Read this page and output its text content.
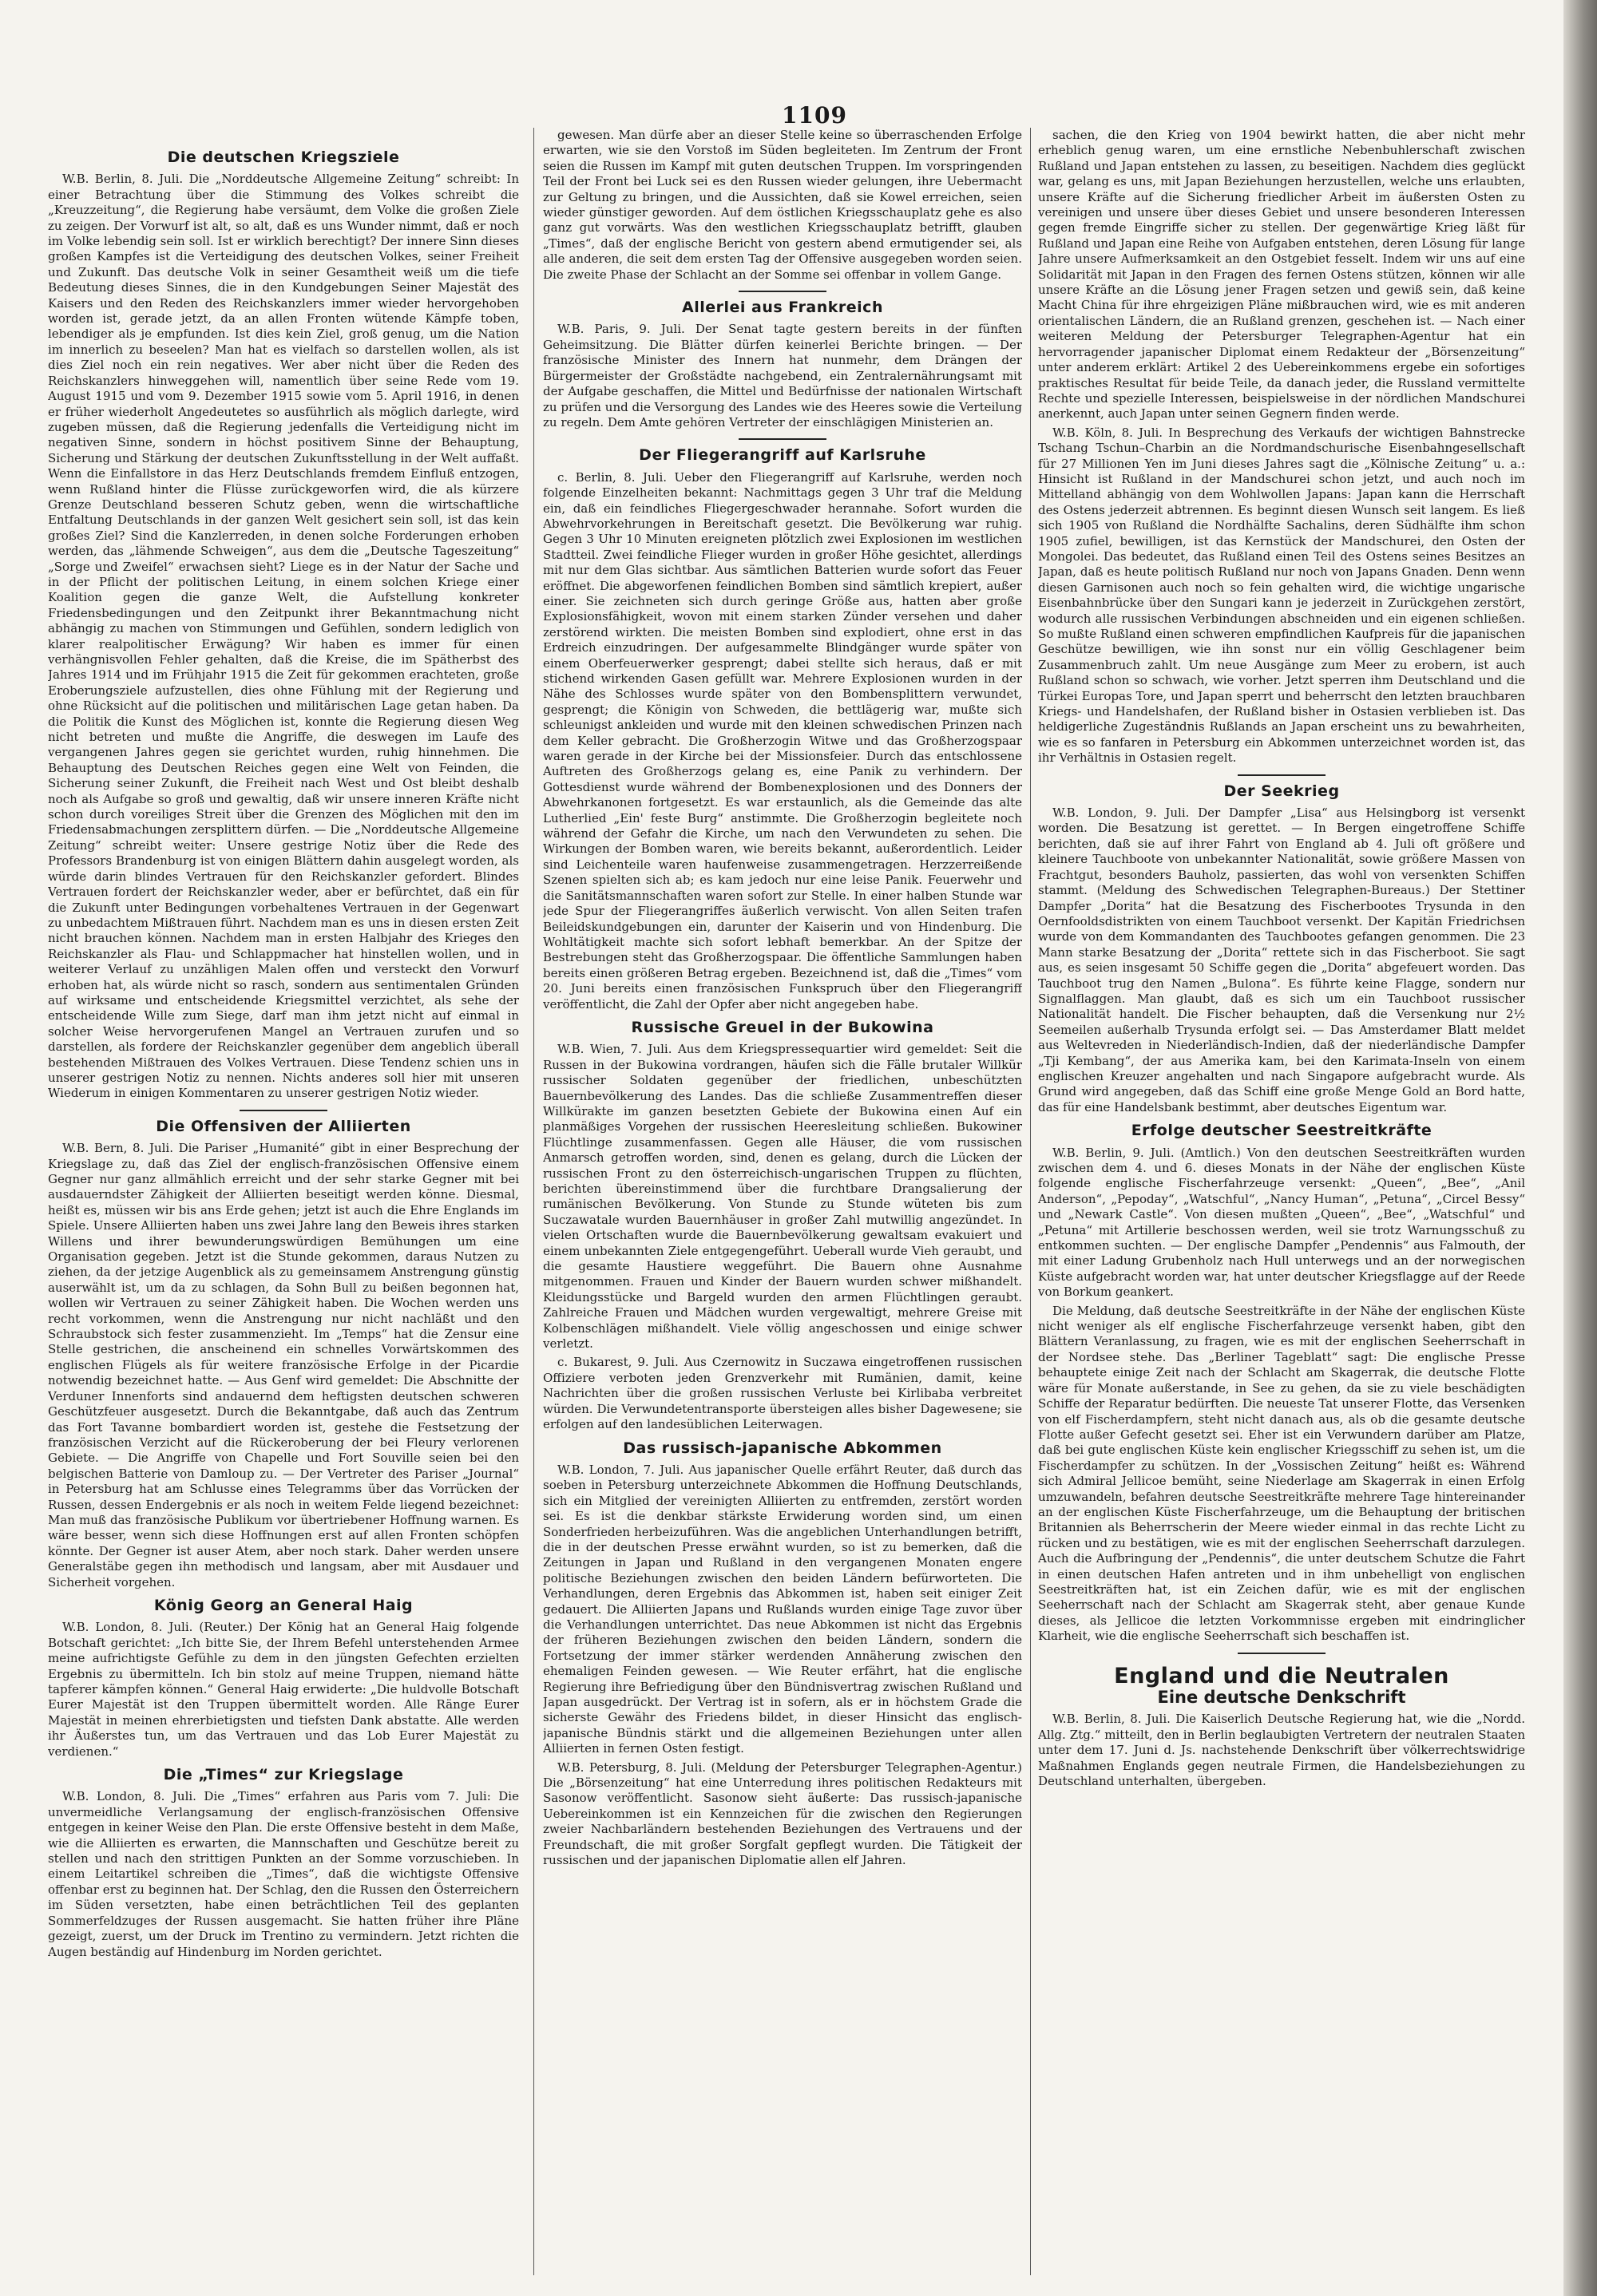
1109
Die deutschen Kriegsziele

W.B. Berlin, 8. Juli. Die „Norddeutsche Allgemeine Zeitung“ schreibt: In einer Betrachtung über die Stimmung des Volkes schreibt die „Kreuzzeitung“, die Regierung habe versäumt, dem Volke die großen Ziele zu zeigen. Der Vorwurf ist alt, so alt, daß es uns Wunder nimmt, daß er noch im Volke lebendig sein soll. Ist er wirklich berechtigt? Der innere Sinn dieses großen Kampfes ist die Verteidigung des deutschen Volkes, seiner Freiheit und Zukunft. Das deutsche Volk in seiner Gesamtheit weiß um die tiefe Bedeutung dieses Sinnes, die in den Kundgebungen Seiner Majestät des Kaisers und den Reden des Reichskanzlers immer wieder hervorgehoben worden ist, gerade jetzt, da an allen Fronten wütende Kämpfe toben, lebendiger als je empfunden. Ist dies kein Ziel, groß genug, um die Nation im innerlich zu beseelen? Man hat es vielfach so darstellen wollen, als ist dies Ziel noch ein rein negatives. Wer aber nicht über die Reden des Reichskanzlers hinweggehen will, namentlich über seine Rede vom 19. August 1915 und vom 9. Dezember 1915 sowie vom 5. April 1916, in denen er früher wiederholt Angedeutetes so ausführlich als möglich darlegte, wird zugeben müssen, daß die Regierung jedenfalls die Verteidigung nicht im negativen Sinne, sondern in höchst positivem Sinne der Behauptung, Sicherung und Stärkung der deutschen Zukunftsstellung in der Welt auffaßt. Wenn die Einfallstore in das Herz Deutschlands fremdem Einfluß entzogen, wenn Rußland hinter die Flüsse zurückgeworfen wird, die als kürzere Grenze Deutschland besseren Schutz geben, wenn die wirtschaftliche Entfaltung Deutschlands in der ganzen Welt gesichert sein soll, ist das kein großes Ziel? Sind die Kanzlerreden, in denen solche Forderungen erhoben werden, das „lähmende Schweigen“, aus dem die „Deutsche Tageszeitung“ „Sorge und Zweifel“ erwachsen sieht? Liege es in der Natur der Sache und in der Pflicht der politischen Leitung, in einem solchen Kriege einer Koalition gegen die ganze Welt, die Aufstellung konkreter Friedensbedingungen und den Zeitpunkt ihrer Bekanntmachung nicht abhängig zu machen von Stimmungen und Gefühlen, sondern lediglich von klarer realpolitischer Erwägung? Wir haben es immer für einen verhängnisvollen Fehler gehalten, daß die Kreise, die im Spätherbst des Jahres 1914 und im Frühjahr 1915 die Zeit für gekommen erachteten, große Eroberungsziele aufzustellen, dies ohne Fühlung mit der Regierung und ohne Rücksicht auf die politischen und militärischen Lage getan haben. Da die Politik die Kunst des Möglichen ist, konnte die Regierung diesen Weg nicht betreten und mußte die Angriffe, die deswegen im Laufe des vergangenen Jahres gegen sie gerichtet wurden, ruhig hinnehmen. Die Behauptung des Deutschen Reiches gegen eine Welt von Feinden, die Sicherung seiner Zukunft, die Freiheit nach West und Ost bleibt deshalb noch als Aufgabe so groß und gewaltig, daß wir unsere inneren Kräfte nicht schon durch voreiliges Streit über die Grenzen des Möglichen mit den im Friedensabmachungen zersplittern dürfen. — Die „Norddeutsche Allgemeine Zeitung“ schreibt weiter: Unsere gestrige Notiz über die Rede des Professors Brandenburg ist von einigen Blättern dahin ausgelegt worden, als würde darin blindes Vertrauen für den Reichskanzler gefordert. Blindes Vertrauen fordert der Reichskanzler weder, aber er befürchtet, daß ein für die Zukunft unter Bedingungen vorbehaltenes Vertrauen in der Gegenwart zu unbedachtem Mißtrauen führt. Nachdem man es uns in diesen ersten Zeit nicht brauchen können. Nachdem man in ersten Halbjahr des Krieges den Reichskanzler als Flau- und Schlappmacher hat hinstellen wollen, und in weiterer Verlauf zu unzähligen Malen offen und versteckt den Vorwurf erhoben hat, als würde nicht so rasch, sondern aus sentimentalen Gründen auf wirksame und entscheidende Kriegsmittel verzichtet, als sehe der entscheidende Wille zum Siege, darf man ihm jetzt nicht auf einmal in solcher Weise hervorgerufenen Mangel an Vertrauen zurufen und so darstellen, als fordere der Reichskanzler gegenüber dem angeblich überall bestehenden Mißtrauen des Volkes Vertrauen. Diese Tendenz schien uns in unserer gestrigen Notiz zu nennen. Nichts anderes soll hier mit unseren Wiederum in einigen Kommentaren zu unserer gestrigen Notiz wieder.

Die Offensiven der Alliierten

W.B. Bern, 8. Juli. Die Pariser „Humanité“ gibt in einer Besprechung der Kriegslage zu, daß das Ziel der englisch-französischen Offensive einem Gegner nur ganz allmählich erreicht und der sehr starke Gegner mit bei ausdauerndster Zähigkeit der Alliierten beseitigt werden könne. Diesmal, heißt es, müssen wir bis ans Erde gehen; jetzt ist auch die Ehre Englands im Spiele. Unsere Alliierten haben uns zwei Jahre lang den Beweis ihres starken Willens und ihrer bewunderungswürdigen Bemühungen um eine Organisation gegeben. Jetzt ist die Stunde gekommen, daraus Nutzen zu ziehen, da der jetzige Augenblick als zu gemeinsamem Anstrengung günstig auserwählt ist, um da zu schlagen, da Sohn Bull zu beißen begonnen hat, wollen wir Vertrauen zu seiner Zähigkeit haben. Die Wochen werden uns recht vorkommen, wenn die Anstrengung nur nicht nachläßt und den Schraubstock sich fester zusammenzieht. Im „Temps“ hat die Zensur eine Stelle gestrichen, die anscheinend ein schnelles Vorwärtskommen des englischen Flügels als für weitere französische Erfolge in der Picardie notwendig bezeichnet hatte. — Aus Genf wird gemeldet: Die Abschnitte der Verduner Innenforts sind andauernd dem heftigsten deutschen schweren Geschützfeuer ausgesetzt. Durch die Bekanntgabe, daß auch das Zentrum das Fort Tavanne bombardiert worden ist, gestehe die Festsetzung der französischen Verzicht auf die Rückeroberung der bei Fleury verlorenen Gebiete. — Die Angriffe von Chapelle und Fort Souville seien bei den belgischen Batterie von Damloup zu. — Der Vertreter des Pariser „Journal“ in Petersburg hat am Schlusse eines Telegramms über das Vorrücken der Russen, dessen Endergebnis er als noch in weitem Felde liegend bezeichnet: Man muß das französische Publikum vor übertriebener Hoffnung warnen. Es wäre besser, wenn sich diese Hoffnungen erst auf allen Fronten schöpfen könnte. Der Gegner ist auser Atem, aber noch stark. Daher werden unsere Generalstäbe gegen ihn methodisch und langsam, aber mit Ausdauer und Sicherheit vorgehen.

König Georg an General Haig

W.B. London, 8. Juli. (Reuter.) Der König hat an General Haig folgende Botschaft gerichtet: „Ich bitte Sie, der Ihrem Befehl unterstehenden Armee meine aufrichtigste Gefühle zu dem in den jüngsten Gefechten erzielten Ergebnis zu übermitteln. Ich bin stolz auf meine Truppen, niemand hätte tapferer kämpfen können.“ General Haig erwiderte: „Die huldvolle Botschaft Eurer Majestät ist den Truppen übermittelt worden. Alle Ränge Eurer Majestät in meinen ehrerbietigsten und tiefsten Dank abstatte. Alle werden ihr Äußerstes tun, um das Vertrauen und das Lob Eurer Majestät zu verdienen.“

Die „Times“ zur Kriegslage

W.B. London, 8. Juli. Die „Times“ erfahren aus Paris vom 7. Juli: Die unvermeidliche Verlangsamung der englisch-französischen Offensive entgegen in keiner Weise den Plan. Die erste Offensive besteht in dem Maße, wie die Alliierten es erwarten, die Mannschaften und Geschütze bereit zu stellen und nach den strittigen Punkten an der Somme vorzuschieben. In einem Leitartikel schreiben die „Times“, daß die wichtigste Offensive offenbar erst zu beginnen hat. Der Schlag, den die Russen den Österreichern im Süden versetzten, habe einen beträchtlichen Teil des geplanten Sommerfeldzuges der Russen ausgemacht. Sie hatten früher ihre Pläne gezeigt, zuerst, um der Druck im Trentino zu vermindern. Jetzt richten die Augen beständig auf Hindenburg im Norden gerichtet.

gewesen. Man dürfe aber an dieser Stelle keine so überraschenden Erfolge erwarten, wie sie den Vorstoß im Süden begleiteten. Im Zentrum der Front seien die Russen im Kampf mit guten deutschen Truppen. Im vorspringenden Teil der Front bei Luck sei es den Russen wieder gelungen, ihre Uebermacht zur Geltung zu bringen, und die Aussichten, daß sie Kowel erreichen, seien wieder günstiger geworden. Auf dem östlichen Kriegsschauplatz gehe es also ganz gut vorwärts. Was den westlichen Kriegsschauplatz betrifft, glauben „Times“, daß der englische Bericht von gestern abend ermutigender sei, als alle anderen, die seit dem ersten Tag der Offensive ausgegeben worden seien. Die zweite Phase der Schlacht an der Somme sei offenbar in vollem Gange.

Allerlei aus Frankreich

W.B. Paris, 9. Juli. Der Senat tagte gestern bereits in der fünften Geheimsitzung. Die Blätter dürfen keinerlei Berichte bringen. — Der französische Minister des Innern hat nunmehr, dem Drängen der Bürgermeister der Großstädte nachgebend, ein Zentralernährungsamt mit der Aufgabe geschaffen, die Mittel und Bedürfnisse der nationalen Wirtschaft zu prüfen und die Versorgung des Landes wie des Heeres sowie die Verteilung zu regeln. Dem Amte gehören Vertreter der einschlägigen Ministerien an.

Der Fliegerangriff auf Karlsruhe

c. Berlin, 8. Juli. Ueber den Fliegerangriff auf Karlsruhe, werden noch folgende Einzelheiten bekannt: Nachmittags gegen 3 Uhr traf die Meldung ein, daß ein feindliches Fliegergeschwader herannahe. Sofort wurden die Abwehrvorkehrungen in Bereitschaft gesetzt. Die Bevölkerung war ruhig. Gegen 3 Uhr 10 Minuten ereigneten plötzlich zwei Explosionen im westlichen Stadtteil. Zwei feindliche Flieger wurden in großer Höhe gesichtet, allerdings mit nur dem Glas sichtbar. Aus sämtlichen Batterien wurde sofort das Feuer eröffnet. Die abgeworfenen feindlichen Bomben sind sämtlich krepiert, außer einer. Sie zeichneten sich durch geringe Größe aus, hatten aber große Explosionsfähigkeit, wovon mit einem starken Zünder versehen und daher zerstörend wirkten. Die meisten Bomben sind explodiert, ohne erst in das Erdreich einzudringen. Der aufgesammelte Blindgänger wurde später von einem Oberfeuerwerker gesprengt; dabei stellte sich heraus, daß er mit stichend wirkenden Gasen gefüllt war. Mehrere Explosionen wurden in der Nähe des Schlosses wurde später von den Bombensplittern verwundet, gesprengt; die Königin von Schweden, die bettlägerig war, mußte sich schleunigst ankleiden und wurde mit den kleinen schwedischen Prinzen nach dem Keller gebracht. Die Großherzogin Witwe und das Großherzogspaar waren gerade in der Kirche bei der Missionsfeier. Durch das entschlossene Auftreten des Großherzogs gelang es, eine Panik zu verhindern. Der Gottesdienst wurde während der Bombenexplosionen und des Donners der Abwehrkanonen fortgesetzt. Es war erstaunlich, als die Gemeinde das alte Lutherlied „Ein' feste Burg“ anstimmte. Die Großherzogin begleitete noch während der Gefahr die Kirche, um nach den Verwundeten zu sehen. Die Wirkungen der Bomben waren, wie bereits bekannt, außerordentlich. Leider sind Leichenteile waren haufenweise zusammengetragen. Herzzerreißende Szenen spielten sich ab; es kam jedoch nur eine leise Panik. Feuerwehr und die Sanitätsmannschaften waren sofort zur Stelle. In einer halben Stunde war jede Spur der Fliegerangriffes äußerlich verwischt. Von allen Seiten trafen Beileidskundgebungen ein, darunter der Kaiserin und von Hindenburg. Die Wohltätigkeit machte sich sofort lebhaft bemerkbar. An der Spitze der Bestrebungen steht das Großherzogspaar. Die öffentliche Sammlungen haben bereits einen größeren Betrag ergeben. Bezeichnend ist, daß die „Times“ vom 20. Juni bereits einen französischen Funkspruch über den Fliegerangriff veröffentlicht, die Zahl der Opfer aber nicht angegeben habe.

Russische Greuel in der Bukowina

W.B. Wien, 7. Juli. Aus dem Kriegspressequartier wird gemeldet: Seit die Russen in der Bukowina vordrangen, häufen sich die Fälle brutaler Willkür russischer Soldaten gegenüber der friedlichen, unbeschützten Bauernbevölkerung des Landes. Das die schließe Zusammentreffen dieser Willkürakte im ganzen besetzten Gebiete der Bukowina einen Auf ein planmäßiges Vorgehen der russischen Heeresleitung schließen. Bukowiner Flüchtlinge zusammenfassen. Gegen alle Häuser, die vom russischen Anmarsch getroffen worden, sind, denen es gelang, durch die Lücken der russischen Front zu den österreichisch-ungarischen Truppen zu flüchten, berichten übereinstimmend über die furchtbare Drangsalierung der rumänischen Bevölkerung. Von Stunde zu Stunde wüteten bis zum Suczawatale wurden Bauernhäuser in großer Zahl mutwillig angezündet. In vielen Ortschaften wurde die Bauernbevölkerung gewaltsam evakuiert und einem unbekannten Ziele entgegengeführt. Ueberall wurde Vieh geraubt, und die gesamte Haustiere weggeführt. Die Bauern ohne Ausnahme mitgenommen. Frauen und Kinder der Bauern wurden schwer mißhandelt. Kleidungsstücke und Bargeld wurden den armen Flüchtlingen geraubt. Zahlreiche Frauen und Mädchen wurden vergewaltigt, mehrere Greise mit Kolbenschlägen mißhandelt. Viele völlig angeschossen und einige schwer verletzt.

c. Bukarest, 9. Juli. Aus Czernowitz in Suczawa eingetroffenen russischen Offiziere verboten jeden Grenzverkehr mit Rumänien, damit, keine Nachrichten über die großen russischen Verluste bei Kirlibaba verbreitet würden. Die Verwundetentransporte übersteigen alles bisher Dagewesene; sie erfolgen auf den landesüblichen Leiterwagen.

Das russisch-japanische Abkommen

W.B. London, 7. Juli. Aus japanischer Quelle erfährt Reuter, daß durch das soeben in Petersburg unterzeichnete Abkommen die Hoffnung Deutschlands, sich ein Mitglied der vereinigten Alliierten zu entfremden, zerstört worden sei. Es ist die denkbar stärkste Erwiderung worden sind, um einen Sonderfrieden herbeizuführen. Was die angeblichen Unterhandlungen betrifft, die in der deutschen Presse erwähnt wurden, so ist zu bemerken, daß die Zeitungen in Japan und Rußland in den vergangenen Monaten engere politische Beziehungen zwischen den beiden Ländern befürworteten. Die Verhandlungen, deren Ergebnis das Abkommen ist, haben seit einiger Zeit gedauert. Die Alliierten Japans und Rußlands wurden einige Tage zuvor über die Verhandlungen unterrichtet. Das neue Abkommen ist nicht das Ergebnis der früheren Beziehungen zwischen den beiden Ländern, sondern die Fortsetzung der immer stärker werdenden Annäherung zwischen den ehemaligen Feinden gewesen. — Wie Reuter erfährt, hat die englische Regierung ihre Befriedigung über den Bündnisvertrag zwischen Rußland und Japan ausgedrückt. Der Vertrag ist in sofern, als er in höchstem Grade die sicherste Gewähr des Friedens bildet, in dieser Hinsicht das englisch-japanische Bündnis stärkt und die allgemeinen Beziehungen unter allen Alliierten in fernen Osten festigt.

W.B. Petersburg, 8. Juli. (Meldung der Petersburger Telegraphen-Agentur.) Die „Börsenzeitung“ hat eine Unterredung ihres politischen Redakteurs mit Sasonow veröffentlicht. Sasonow sieht äußerte: Das russisch-japanische Uebereinkommen ist ein Kennzeichen für die zwischen den Regierungen zweier Nachbarländern bestehenden Beziehungen des Vertrauens und der Freundschaft, die mit großer Sorgfalt gepflegt wurden. Die Tätigkeit der russischen und der japanischen Diplomatie allen elf Jahren.

sachen, die den Krieg von 1904 bewirkt hatten, die aber nicht mehr erheblich genug waren, um eine ernstliche Nebenbuhlerschaft zwischen Rußland und Japan entstehen zu lassen, zu beseitigen. Nachdem dies geglückt war, gelang es uns, mit Japan Beziehungen herzustellen, welche uns erlaubten, unsere Kräfte auf die Sicherung friedlicher Arbeit im äußersten Osten zu vereinigen und unsere über dieses Gebiet und unsere besonderen Interessen gegen fremde Eingriffe sicher zu stellen. Der gegenwärtige Krieg läßt für Rußland und Japan eine Reihe von Aufgaben entstehen, deren Lösung für lange Jahre unsere Aufmerksamkeit an den Ostgebiet fesselt. Indem wir uns auf eine Solidarität mit Japan in den Fragen des fernen Ostens stützen, können wir alle unsere Kräfte an die Lösung jener Fragen setzen und gewiß sein, daß keine Macht China für ihre ehrgeizigen Pläne mißbrauchen wird, wie es mit anderen orientalischen Ländern, die an Rußland grenzen, geschehen ist. — Nach einer weiteren Meldung der Petersburger Telegraphen-Agentur hat ein hervorragender japanischer Diplomat einem Redakteur der „Börsenzeitung“ unter anderem erklärt: Artikel 2 des Uebereinkommens ergebe ein sofortiges praktisches Resultat für beide Teile, da danach jeder, die Russland vermittelte Rechte und spezielle Interessen, beispielsweise in der nördlichen Mandschurei anerkennt, auch Japan unter seinen Gegnern finden werde.

W.B. Köln, 8. Juli. In Besprechung des Verkaufs der wichtigen Bahnstrecke Tschang Tschun–Charbin an die Nordmandschurische Eisenbahngesellschaft für 27 Millionen Yen im Juni dieses Jahres sagt die „Kölnische Zeitung“ u. a.: Hinsicht ist Rußland in der Mandschurei schon jetzt, und auch noch im Mittelland abhängig von dem Wohlwollen Japans: Japan kann die Herrschaft des Ostens jederzeit abtrennen. Es beginnt diesen Wunsch seit langem. Es ließ sich 1905 von Rußland die Nordhälfte Sachalins, deren Südhälfte ihm schon 1905 zufiel, bewilligen, ist das Kernstück der Mandschurei, den Osten der Mongolei. Das bedeutet, das Rußland einen Teil des Ostens seines Besitzes an Japan, daß es heute politisch Rußland nur noch von Japans Gnaden. Denn wenn diesen Garnisonen auch noch so fein gehalten wird, die wichtige ungarische Eisenbahnbrücke über den Sungari kann je jederzeit in Zurückgehen zerstört, wodurch alle russischen Verbindungen abschneiden und ein eigenen schließen. So mußte Rußland einen schweren empfindlichen Kaufpreis für die japanischen Geschütze bewilligen, wie ihn sonst nur ein völlig Geschlagener beim Zusammenbruch zahlt. Um neue Ausgänge zum Meer zu erobern, ist auch Rußland schon so schwach, wie vorher. Jetzt sperren ihm Deutschland und die Türkei Europas Tore, und Japan sperrt und beherrscht den letzten brauchbaren Kriegs- und Handelshafen, der Rußland bisher in Ostasien verblieben ist. Das heldigerliche Zugeständnis Rußlands an Japan erscheint uns zu bewahrheiten, wie es so fanfaren in Petersburg ein Abkommen unterzeichnet worden ist, das ihr Verhältnis in Ostasien regelt.

Der Seekrieg

W.B. London, 9. Juli. Der Dampfer „Lisa“ aus Helsingborg ist versenkt worden. Die Besatzung ist gerettet. — In Bergen eingetroffene Schiffe berichten, daß sie auf ihrer Fahrt von England ab 4. Juli oft größere und kleinere Tauchboote von unbekannter Nationalität, sowie größere Massen von Frachtgut, besonders Bauholz, passierten, das wohl von versenkten Schiffen stammt. (Meldung des Schwedischen Telegraphen-Bureaus.) Der Stettiner Dampfer „Dorita“ hat die Besatzung des Fischerbootes Trysunda in den Oernfooldsdistrikten von einem Tauchboot versenkt. Der Kapitän Friedrichsen wurde von dem Kommandanten des Tauchbootes gefangen genommen. Die 23 Mann starke Besatzung der „Dorita“ rettete sich in das Fischerboot. Sie sagt aus, es seien insgesamt 50 Schiffe gegen die „Dorita“ abgefeuert worden. Das Tauchboot trug den Namen „Bulona“. Es führte keine Flagge, sondern nur Signalflaggen. Man glaubt, daß es sich um ein Tauchboot russischer Nationalität handelt. Die Fischer behaupten, daß die Versenkung nur 2½ Seemeilen außerhalb Trysunda erfolgt sei. — Das Amsterdamer Blatt meldet aus Weltevreden in Niederländisch-Indien, daß der niederländische Dampfer „Tji Kembang“, der aus Amerika kam, bei den Karimata-Inseln von einem englischen Kreuzer angehalten und nach Singapore aufgebracht wurde. Als Grund wird angegeben, daß das Schiff eine große Menge Gold an Bord hatte, das für eine Handelsbank bestimmt, aber deutsches Eigentum war.

Erfolge deutscher Seestreitkräfte

W.B. Berlin, 9. Juli. (Amtlich.) Von den deutschen Seestreitkräften wurden zwischen dem 4. und 6. dieses Monats in der Nähe der englischen Küste folgende englische Fischerfahrzeuge versenkt: „Queen“, „Bee“, „Anil Anderson“, „Pepoday“, „Watschful“, „Nancy Human“, „Petuna“, „Circel Bessy“ und „Newark Castle“. Von diesen mußten „Queen“, „Bee“, „Watschful“ und „Petuna“ mit Artillerie beschossen werden, weil sie trotz Warnungsschuß zu entkommen suchten. — Der englische Dampfer „Pendennis“ aus Falmouth, der mit einer Ladung Grubenholz nach Hull unterwegs und an der norwegischen Küste aufgebracht worden war, hat unter deutscher Kriegsflagge auf der Reede von Borkum geankert.

Die Meldung, daß deutsche Seestreitkräfte in der Nähe der englischen Küste nicht weniger als elf englische Fischerfahrzeuge versenkt haben, gibt den Blättern Veranlassung, zu fragen, wie es mit der englischen Seeherrschaft in der Nordsee stehe. Das „Berliner Tageblatt“ sagt: Die englische Presse behauptete einige Zeit nach der Schlacht am Skagerrak, die deutsche Flotte wäre für Monate außerstande, in See zu gehen, da sie zu viele beschädigten Schiffe der Reparatur bedürften. Die neueste Tat unserer Flotte, das Versenken von elf Fischerdampfern, steht nicht danach aus, als ob die gesamte deutsche Flotte außer Gefecht gesetzt sei. Eher ist ein Verwundern darüber am Platze, daß bei gute englischen Küste kein englischer Kriegsschiff zu sehen ist, um die Fischerdampfer zu schützen. In der „Vossischen Zeitung“ heißt es: Während sich Admiral Jellicoe bemüht, seine Niederlage am Skagerrak in einen Erfolg umzuwandeln, befahren deutsche Seestreitkräfte mehrere Tage hintereinander an der englischen Küste Fischerfahrzeuge, um die Behauptung der britischen Britannien als Beherrscherin der Meere wieder einmal in das rechte Licht zu rücken und zu bestätigen, wie es mit der englischen Seeherrschaft darzulegen. Auch die Aufbringung der „Pendennis“, die unter deutschem Schutze die Fahrt in einen deutschen Hafen antreten und in ihm unbehelligt von englischen Seestreitkräften hat, ist ein Zeichen dafür, wie es mit der englischen Seeherrschaft nach der Schlacht am Skagerrak steht, aber genaue Kunde dieses, als Jellicoe die letzten Vorkommnisse ergeben mit eindringlicher Klarheit, wie die englische Seeherrschaft sich beschaffen ist.

England und die Neutralen
Eine deutsche Denkschrift

W.B. Berlin, 8. Juli. Die Kaiserlich Deutsche Regierung hat, wie die „Nordd. Allg. Ztg.“ mitteilt, den in Berlin beglaubigten Vertretern der neutralen Staaten unter dem 17. Juni d. Js. nachstehende Denkschrift über völkerrechtswidrige Maßnahmen Englands gegen neutrale Firmen, die Handelsbeziehungen zu Deutschland unterhalten, übergeben.
